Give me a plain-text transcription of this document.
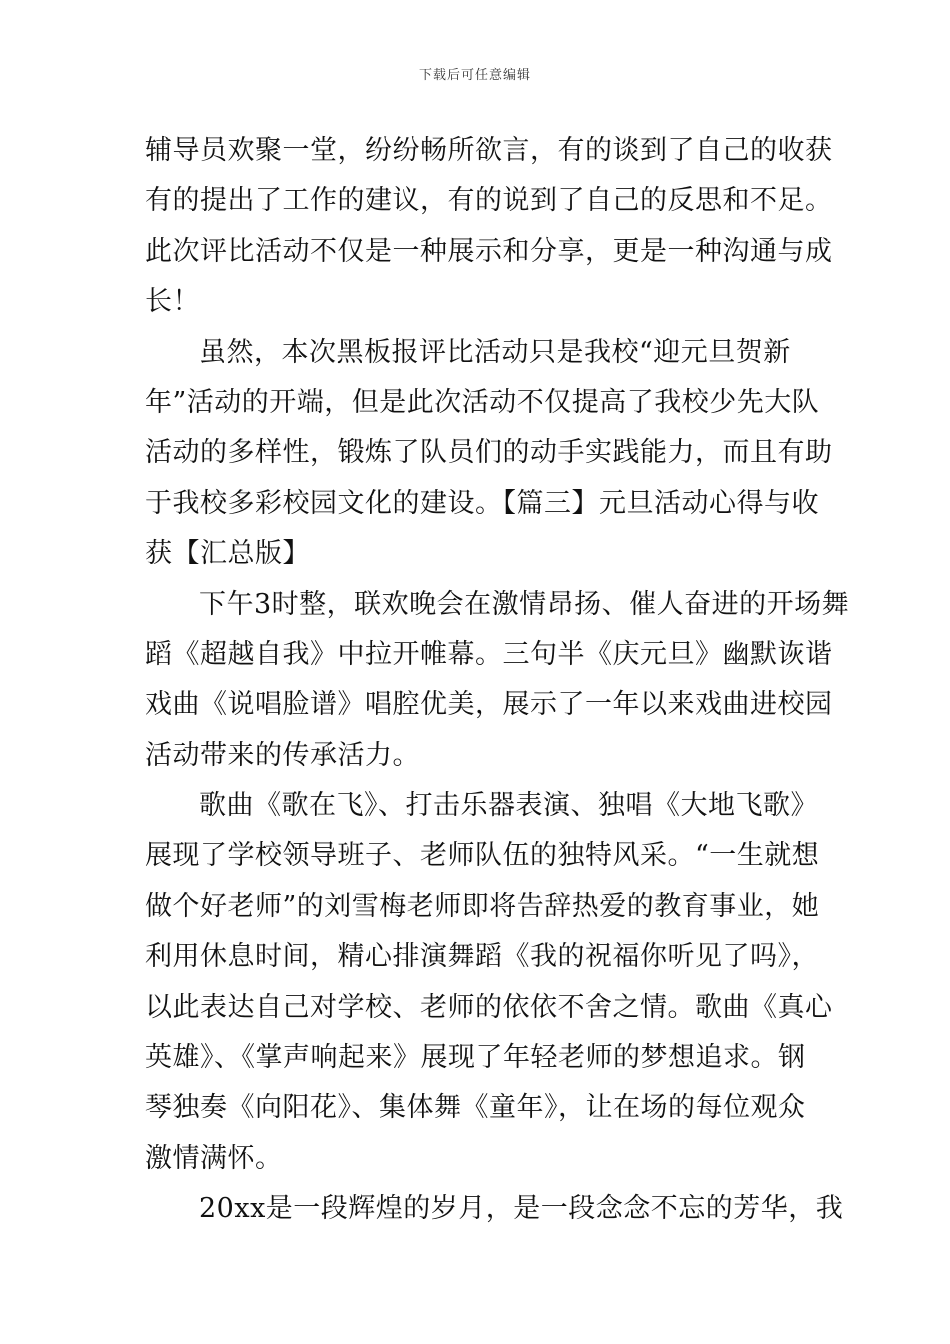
下载后可任意编辑
辅导员欢聚一堂，纷纷畅所欲言，有的谈到了自己的收获
有的提出了工作的建议，有的说到了自己的反思和不足。
此次评比活动不仅是一种展示和分享，更是一种沟通与成
长！
虽然，本次黑板报评比活动只是我校“迎元旦贺新
年”活动的开端，但是此次活动不仅提高了我校少先大队
活动的多样性，锻炼了队员们的动手实践能力，而且有助
于我校多彩校园文化的建设。【篇三】元旦活动心得与收
获【汇总版】
下午3时整，联欢晚会在激情昂扬、催人奋进的开场舞
蹈《超越自我》中拉开帷幕。三句半《庆元旦》幽默诙谐
戏曲《说唱脸谱》唱腔优美，展示了一年以来戏曲进校园
活动带来的传承活力。
歌曲《歌在飞》、打击乐器表演、独唱《大地飞歌》
展现了学校领导班子、老师队伍的独特风采。“一生就想
做个好老师”的刘雪梅老师即将告辞热爱的教育事业，她
利用休息时间，精心排演舞蹈《我的祝福你听见了吗》，
以此表达自己对学校、老师的依依不舍之情。歌曲《真心
英雄》、《掌声响起来》展现了年轻老师的梦想追求。钢
琴独奏《向阳花》、集体舞《童年》，让在场的每位观众
激情满怀。
20xx是一段辉煌的岁月，是一段念念不忘的芳华，我
